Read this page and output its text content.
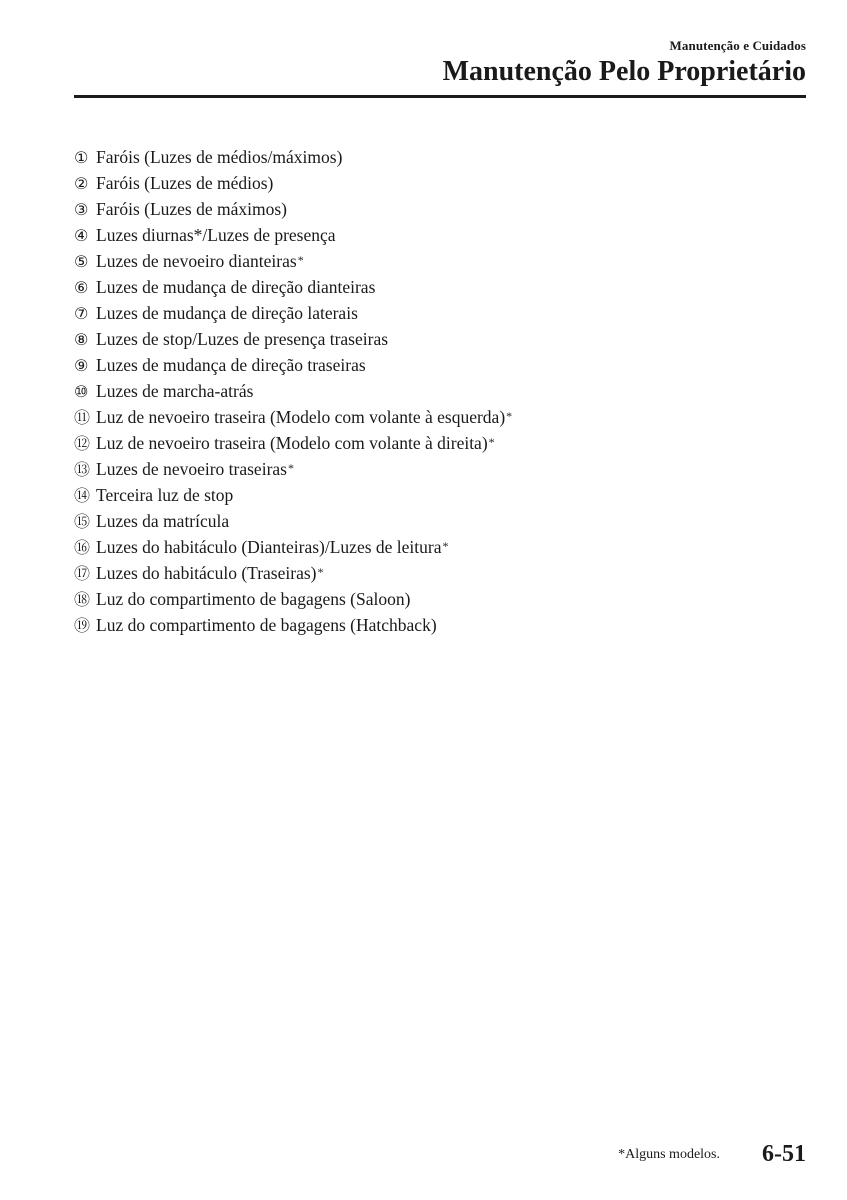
Manutenção e Cuidados
Manutenção Pelo Proprietário
① Faróis (Luzes de médios/máximos)
② Faróis (Luzes de médios)
③ Faróis (Luzes de máximos)
④ Luzes diurnas*/Luzes de presença
⑤ Luzes de nevoeiro dianteiras *
⑥ Luzes de mudança de direção dianteiras
⑦ Luzes de mudança de direção laterais
⑧ Luzes de stop/Luzes de presença traseiras
⑨ Luzes de mudança de direção traseiras
⑩ Luzes de marcha-atrás
⑪ Luz de nevoeiro traseira (Modelo com volante à esquerda) *
⑫ Luz de nevoeiro traseira (Modelo com volante à direita) *
⑬ Luzes de nevoeiro traseiras *
⑭ Terceira luz de stop
⑮ Luzes da matrícula
⑯ Luzes do habitáculo (Dianteiras)/Luzes de leitura *
⑰ Luzes do habitáculo (Traseiras) *
⑱ Luz do compartimento de bagagens (Saloon)
⑲ Luz do compartimento de bagagens (Hatchback)
*Alguns modelos. 6-51
